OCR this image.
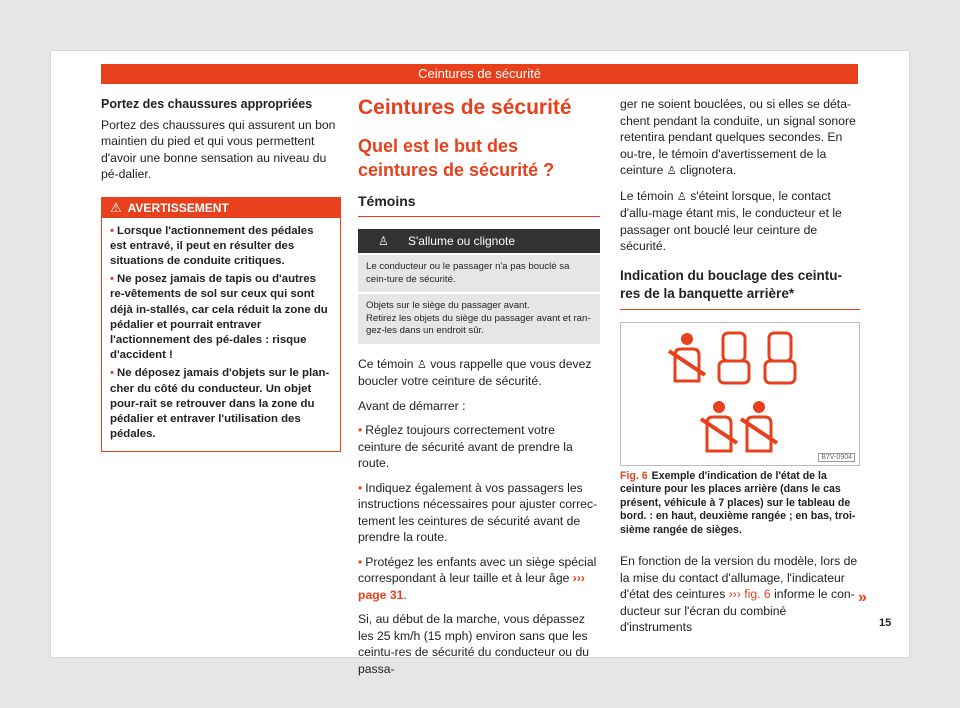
Ceintures de sécurité

Portez des chaussures appropriées

Portez des chaussures qui assurent un bon maintien du pied et qui vous permettent d'avoir une bonne sensation au niveau du pé-dalier.

⚠ AVERTISSEMENT

• Lorsque l'actionnement des pédales est entravé, il peut en résulter des situations de conduite critiques.

• Ne posez jamais de tapis ou d'autres re-vêtements de sol sur ceux qui sont déjà in-stallés, car cela réduit la zone du pédalier et pourrait entraver l'actionnement des pé-dales : risque d'accident !

• Ne déposez jamais d'objets sur le plan-cher du côté du conducteur. Un objet pour-rait se retrouver dans la zone du pédalier et entraver l'utilisation des pédales.

Ceintures de sécurité
Quel est le but des ceintures de sécurité ?
Témoins
♙ S'allume ou clignote
Le conducteur ou le passager n'a pas bouclé sa cein-ture de sécurité.
Objets sur le siège du passager avant.
Retirez les objets du siège du passager avant et ran-gez-les dans un endroit sûr.

Ce témoin ♙ vous rappelle que vous devez boucler votre ceinture de sécurité.

Avant de démarrer :

• Réglez toujours correctement votre ceinture de sécurité avant de prendre la route.

• Indiquez également à vos passagers les instructions nécessaires pour ajuster correc-tement les ceintures de sécurité avant de prendre la route.

• Protégez les enfants avec un siège spécial correspondant à leur taille et à leur âge ››› page 31.

Si, au début de la marche, vous dépassez les 25 km/h (15 mph) environ sans que les ceintu-res de sécurité du conducteur ou du passa-

ger ne soient bouclées, ou si elles se déta-chent pendant la conduite, un signal sonore retentira pendant quelques secondes. En ou-tre, le témoin d'avertissement de la ceinture ♙ clignotera.

Le témoin ♙ s'éteint lorsque, le contact d'allu-mage étant mis, le conducteur et le passager ont bouclé leur ceinture de sécurité.

Indication du bouclage des ceintu-res de la banquette arrière*
B7V-0904

Fig. 6 Exemple d'indication de l'état de la ceinture pour les places arrière (dans le cas présent, véhicule à 7 places) sur le tableau de bord. : en haut, deuxième rangée ; en bas, troi-sième rangée de sièges.

En fonction de la version du modèle, lors de la mise du contact d'allumage, l'indicateur d'état des ceintures ››› fig. 6 informe le con-ducteur sur l'écran du combiné d'instruments

»
15
